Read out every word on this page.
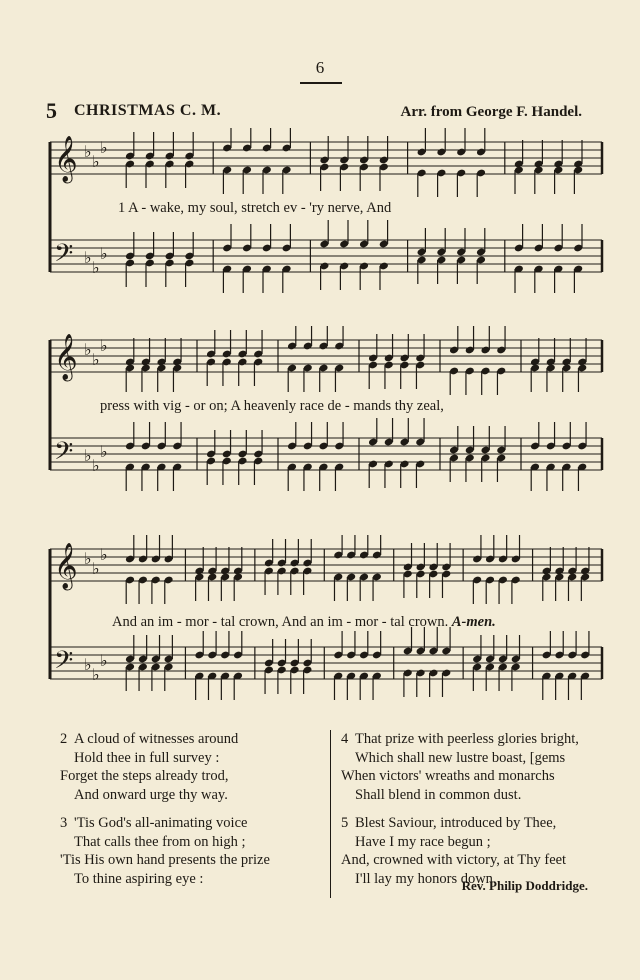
6
5 CHRISTMAS C. M.	Arr. from George F. Handel.
𝄞
𝄢
♭
♭
♭
♭
♭
♭
1 A - wake, my soul, stretch ev - 'ry nerve, And
𝄞
𝄢
♭
♭
♭
♭
♭
♭
press with vig - or on; A heavenly race de - mands thy zeal,
𝄞
𝄢
♭
♭
♭
♭
♭
♭
And an im - mor - tal crown, And an im - mor - tal crown. A-men.
2 A cloud of witnesses around
Hold thee in full survey :
Forget the steps already trod,
And onward urge thy way.
3 'Tis God's all-animating voice
That calls thee from on high ;
'Tis His own hand presents the prize
To thine aspiring eye :
4 That prize with peerless glories bright,
Which shall new lustre boast, [gems
When victors' wreaths and monarchs
Shall blend in common dust.
5 Blest Saviour, introduced by Thee,
Have I my race begun ;
And, crowned with victory, at Thy feet
I'll lay my honors down.
Rev. Philip Doddridge.
